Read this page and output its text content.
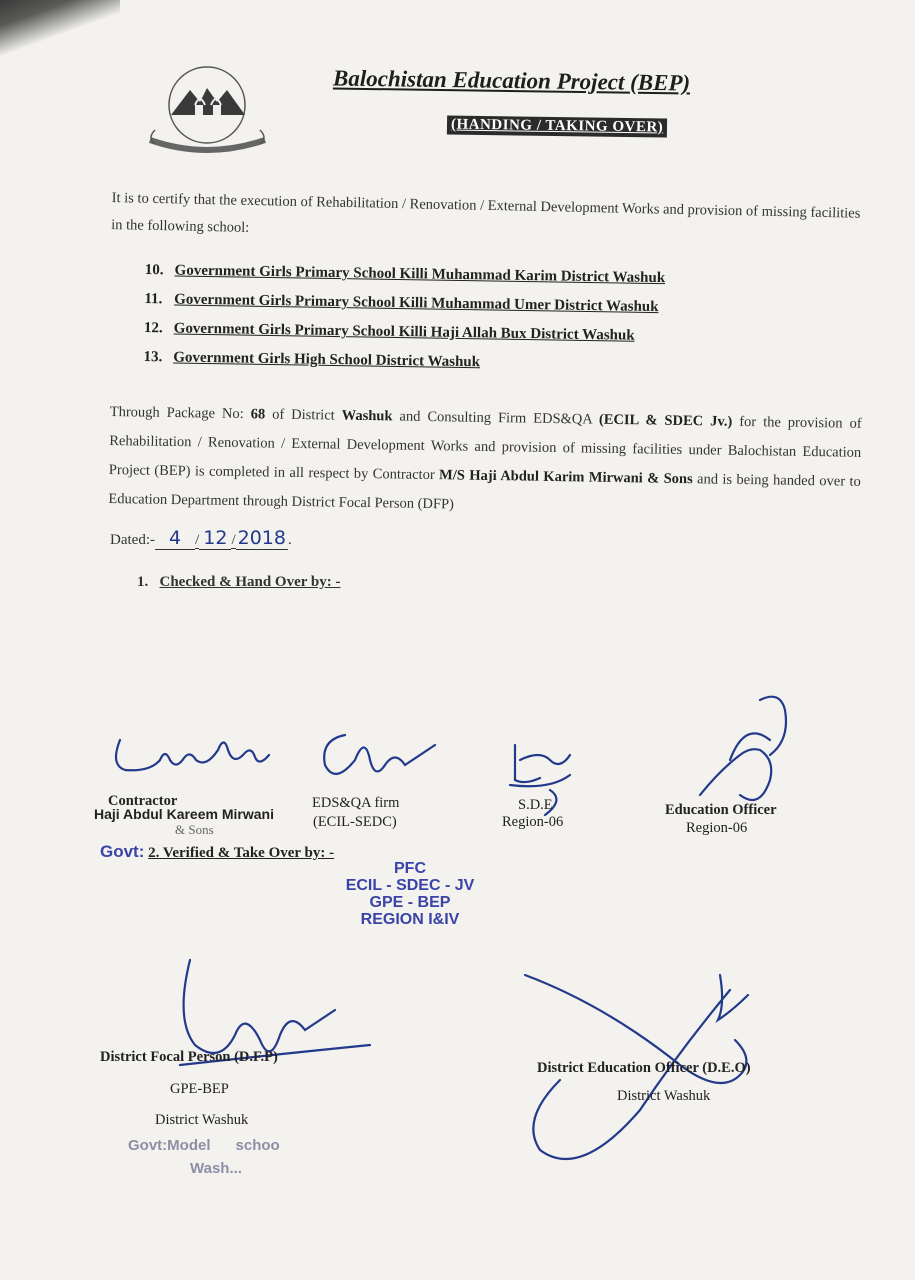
Balochistan Education Project (BEP)
(HANDING / TAKING OVER)
It is to certify that the execution of Rehabilitation / Renovation / External Development Works and provision of missing facilities in the following school:
10. Government Girls Primary School Killi Muhammad Karim District Washuk
11. Government Girls Primary School Killi Muhammad Umer District Washuk
12. Government Girls Primary School Killi Haji Allah Bux District Washuk
13. Government Girls High School District Washuk
Through Package No: 68 of District Washuk and Consulting Firm EDS&QA (ECIL & SDEC Jv.) for the provision of Rehabilitation / Renovation / External Development Works and provision of missing facilities under Balochistan Education Project (BEP) is completed in all respect by Contractor M/S Haji Abdul Karim Mirwani & Sons and is being handed over to Education Department through District Focal Person (DFP)
Dated:- 4 / 12 / 2018 .
1. Checked & Hand Over by: -
Contractor
Haji Abdul Kareem Mirwani
& Sons
EDS&QA firm
(ECIL-SEDC)
S.D.E
Region-06
Education Officer
Region-06
Govt: 2. Verified & Take Over by: -
PFC
ECIL - SDEC - JV
GPE - BEP
REGION I&IV
District Focal Person (D.F.P)
GPE-BEP
District Washuk
Govt:Model schoo
Wash...
District Education Officer (D.E.O)
District Washuk
